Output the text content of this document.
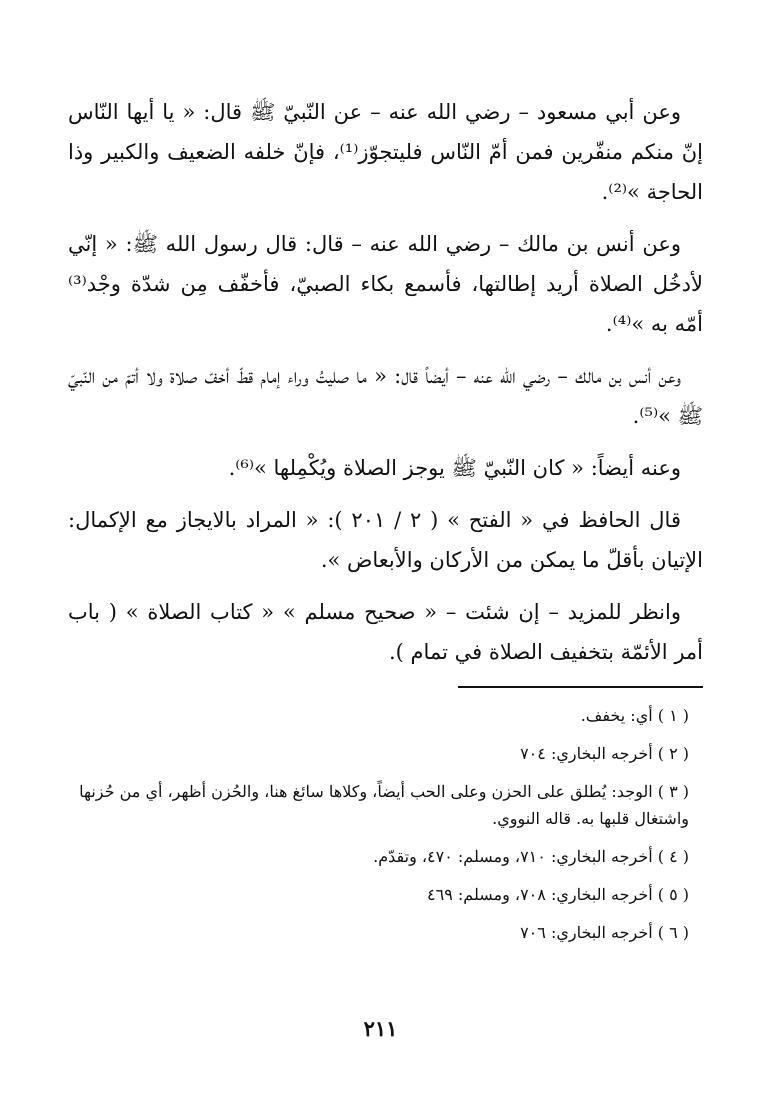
وعن أبي مسعود – رضي الله عنه – عن النّبيّ ﷺ قال: « يا أيها النّاس إنّ منكم منفّرين فمن أمّ النّاس فليتجوّز⁽¹⁾، فإنّ خلفه الضعيف والكبير وذا الحاجة »⁽²⁾.

وعن أنس بن مالك – رضي الله عنه – قال: قال رسول الله ﷺ: « إنّي لأدخُل الصلاة أريد إطالتها، فأسمع بكاء الصبيّ، فأخفّف مِن شدّة وجْد⁽³⁾ أمّه به »⁽⁴⁾.

وعن أنس بن مالك – رضي الله عنه – أيضاً قال: « ما صليتُ وراء إمام قطّ أخفّ صلاة ولا أتمّ من النّبيّ ﷺ »⁽⁵⁾.

وعنه أيضاً: « كان النّبيّ ﷺ يوجز الصلاة ويُكْمِلها »⁽⁶⁾.

قال الحافظ في « الفتح » ( ٢ / ٢٠١ ): « المراد بالايجاز مع الإكمال: الإتيان بأقلّ ما يمكن من الأركان والأبعاض ».

وانظر للمزيد – إن شئت – « صحيح مسلم » « كتاب الصلاة » ( باب أمر الأئمّة بتخفيف الصلاة في تمام ).

( ١ ) أي: يخفف.

( ٢ ) أخرجه البخاري: ٧٠٤

( ٣ ) الوجد: يُطلق على الحزن وعلى الحب أيضاً، وكلاها سائغ هنا، والحُزن أظهر، أي من حُزنها واشتغال قلبها به. قاله النووي.

( ٤ ) أخرجه البخاري: ٧١٠، ومسلم: ٤٧٠، وتقدّم.

( ٥ ) أخرجه البخاري: ٧٠٨، ومسلم: ٤٦٩

( ٦ ) أخرجه البخاري: ٧٠٦

٢١١
